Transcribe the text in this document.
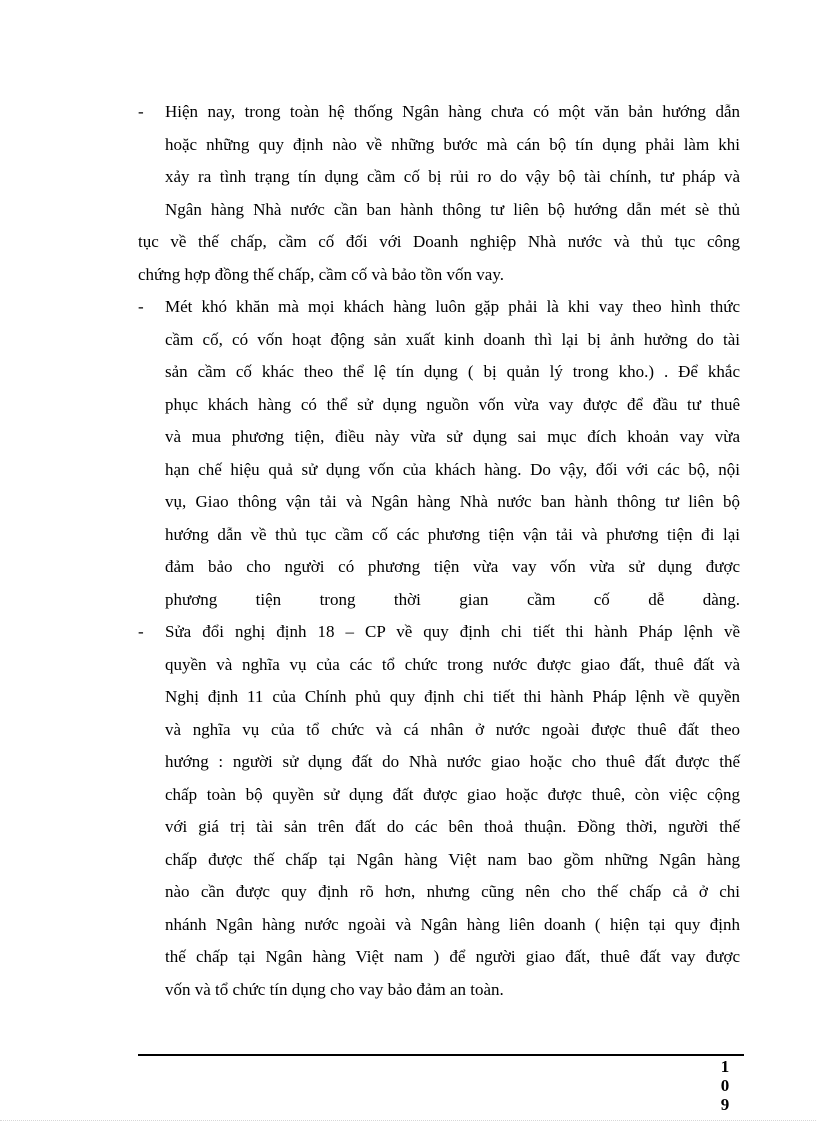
- Hiện nay, trong toàn hệ thống Ngân hàng chưa có một văn bản hướng dẫn
hoặc những quy định nào về những bước mà cán bộ tín dụng phải làm khi
xảy ra tình trạng tín dụng cầm cố bị rủi ro do vậy bộ tài chính, tư pháp và
Ngân hàng Nhà nước cần ban hành thông tư liên bộ hướng dẫn mét sè thủ
tục về thế chấp, cầm cố đối với Doanh nghiệp Nhà nước và thủ tục công
chứng hợp đồng thế chấp, cầm cố và bảo tồn vốn vay.
- Mét khó khăn mà mọi khách hàng luôn gặp phải là khi vay theo hình thức
cầm cố, có vốn hoạt động sản xuất kinh doanh thì lại bị ảnh hưởng do tài
sản cầm cố khác theo thể lệ tín dụng ( bị quản lý trong kho.) . Để khắc
phục khách hàng có thể sử dụng nguồn vốn vừa vay được để đầu tư thuê
và mua phương tiện, điều này vừa sử dụng sai mục đích khoản vay vừa
hạn chế hiệu quả sử dụng vốn của khách hàng. Do vậy, đối với các bộ, nội
vụ, Giao thông vận tải và Ngân hàng Nhà nước ban hành thông tư liên bộ
hướng dẫn về thủ tục cầm cố các phương tiện vận tải và phương tiện đi lại
đảm bảo cho người có phương tiện vừa vay vốn vừa sử dụng được
phương tiện trong thời gian cầm cố dễ dàng.
- Sửa đổi nghị định 18 – CP về quy định chi tiết thi hành Pháp lệnh về
quyền và nghĩa vụ của các tổ chức trong nước được giao đất, thuê đất và
Nghị định 11 của Chính phủ quy định chi tiết thi hành Pháp lệnh về quyền
và nghĩa vụ của tổ chức và cá nhân ở nước ngoài được thuê đất theo
hướng : người sử dụng đất do Nhà nước giao hoặc cho thuê đất được thế
chấp toàn bộ quyền sử dụng đất được giao hoặc được thuê, còn việc cộng
với giá trị tài sản trên đất do các bên thoả thuận. Đồng thời, người thế
chấp được thế chấp tại Ngân hàng Việt nam bao gồm những Ngân hàng
nào cần được quy định rõ hơn, nhưng cũng nên cho thế chấp cả ở chi
nhánh Ngân hàng nước ngoài và Ngân hàng liên doanh ( hiện tại quy định
thế chấp tại Ngân hàng Việt nam ) để người giao đất, thuê đất vay được
vốn và tổ chức tín dụng cho vay bảo đảm an toàn.
1
0
9
